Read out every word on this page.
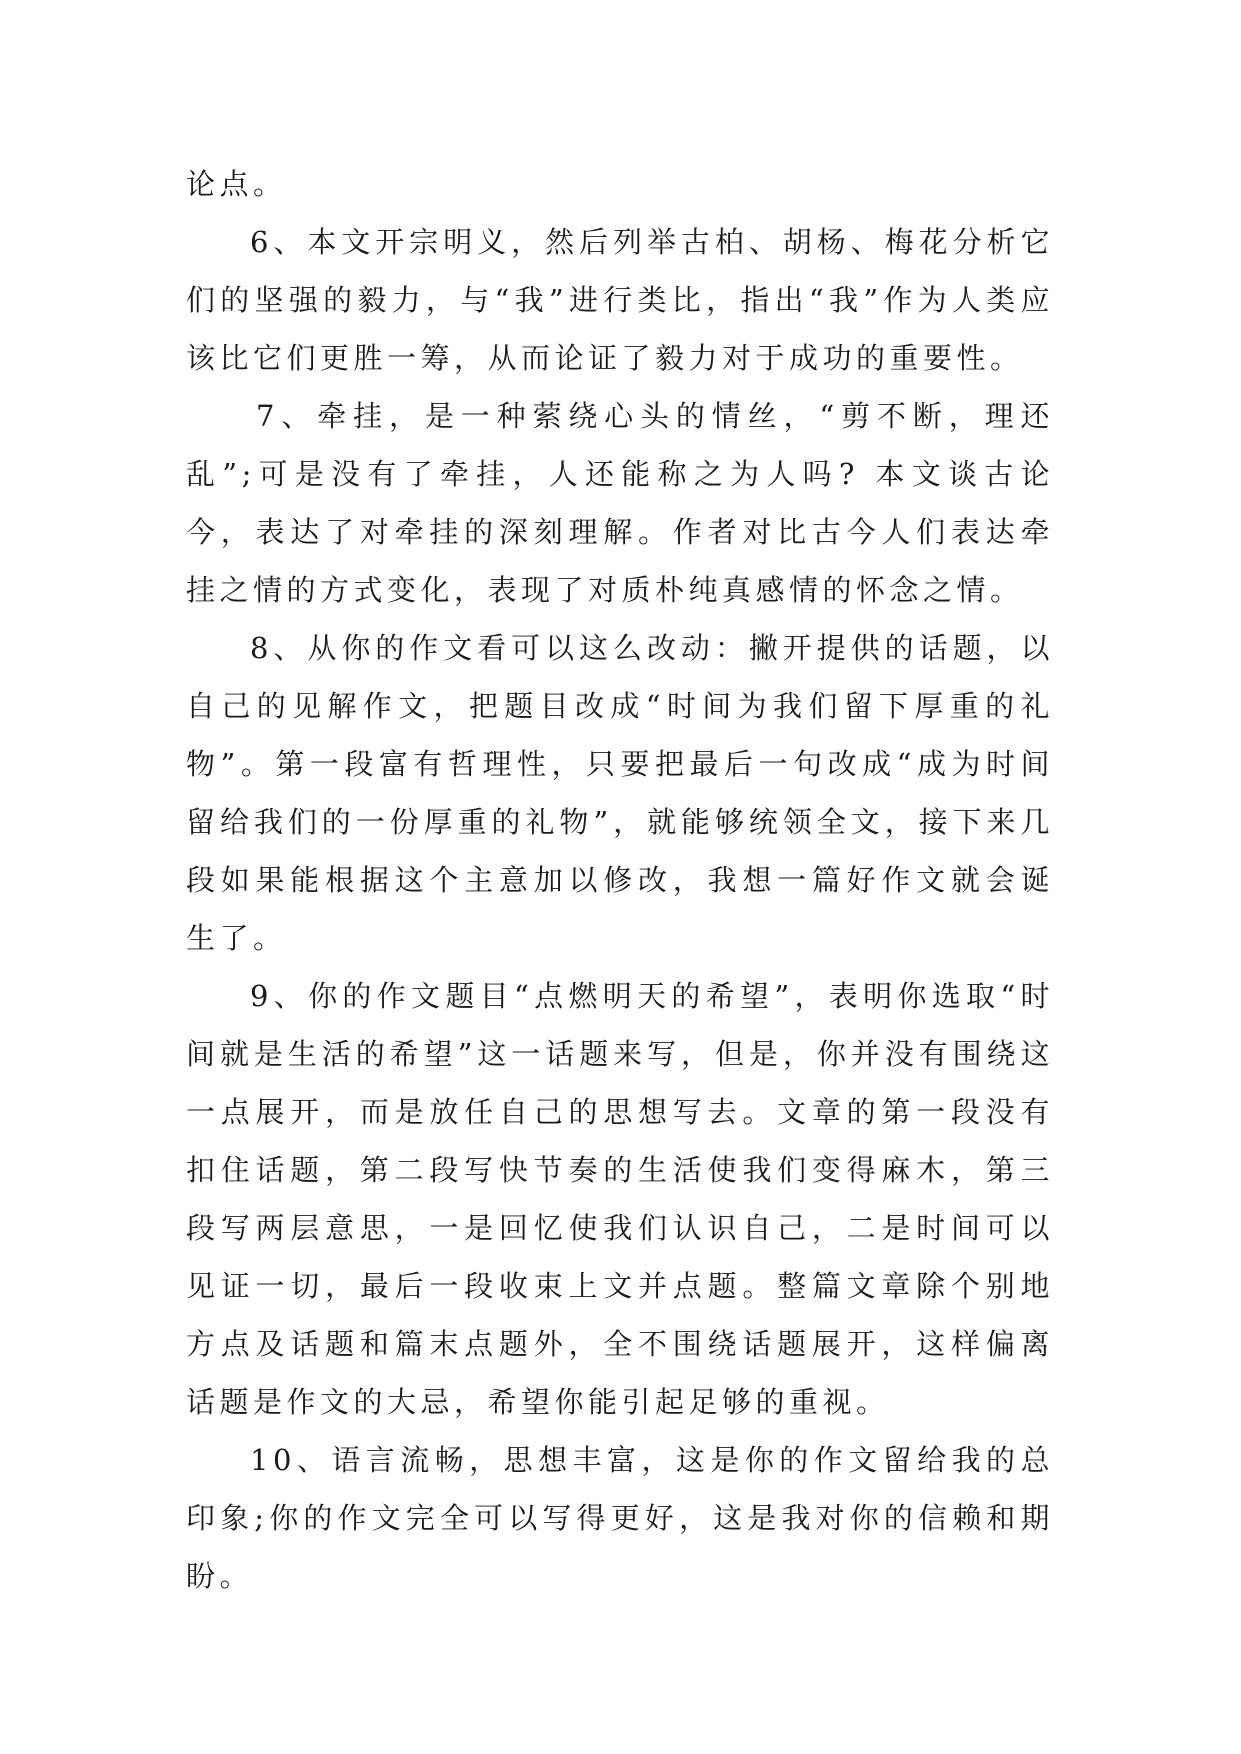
论点。

6、本文开宗明义，然后列举古柏、胡杨、梅花分析它们的坚强的毅力，与“我”进行类比，指出“我”作为人类应该比它们更胜一筹，从而论证了毅力对于成功的重要性。

7、牵挂，是一种萦绕心头的情丝，“剪不断，理还乱”;可是没有了牵挂，人还能称之为人吗? 本文谈古论今，表达了对牵挂的深刻理解。作者对比古今人们表达牵挂之情的方式变化，表现了对质朴纯真感情的怀念之情。

8、从你的作文看可以这么改动：撇开提供的话题，以自己的见解作文，把题目改成“时间为我们留下厚重的礼物”。第一段富有哲理性，只要把最后一句改成“成为时间留给我们的一份厚重的礼物”，就能够统领全文，接下来几段如果能根据这个主意加以修改，我想一篇好作文就会诞生了。

9、你的作文题目“点燃明天的希望”，表明你选取“时间就是生活的希望”这一话题来写，但是，你并没有围绕这一点展开，而是放任自己的思想写去。文章的第一段没有扣住话题，第二段写快节奏的生活使我们变得麻木，第三段写两层意思，一是回忆使我们认识自己，二是时间可以见证一切，最后一段收束上文并点题。整篇文章除个别地方点及话题和篇末点题外，全不围绕话题展开，这样偏离话题是作文的大忌，希望你能引起足够的重视。

10、语言流畅，思想丰富，这是你的作文留给我的总印象;你的作文完全可以写得更好，这是我对你的信赖和期盼。
